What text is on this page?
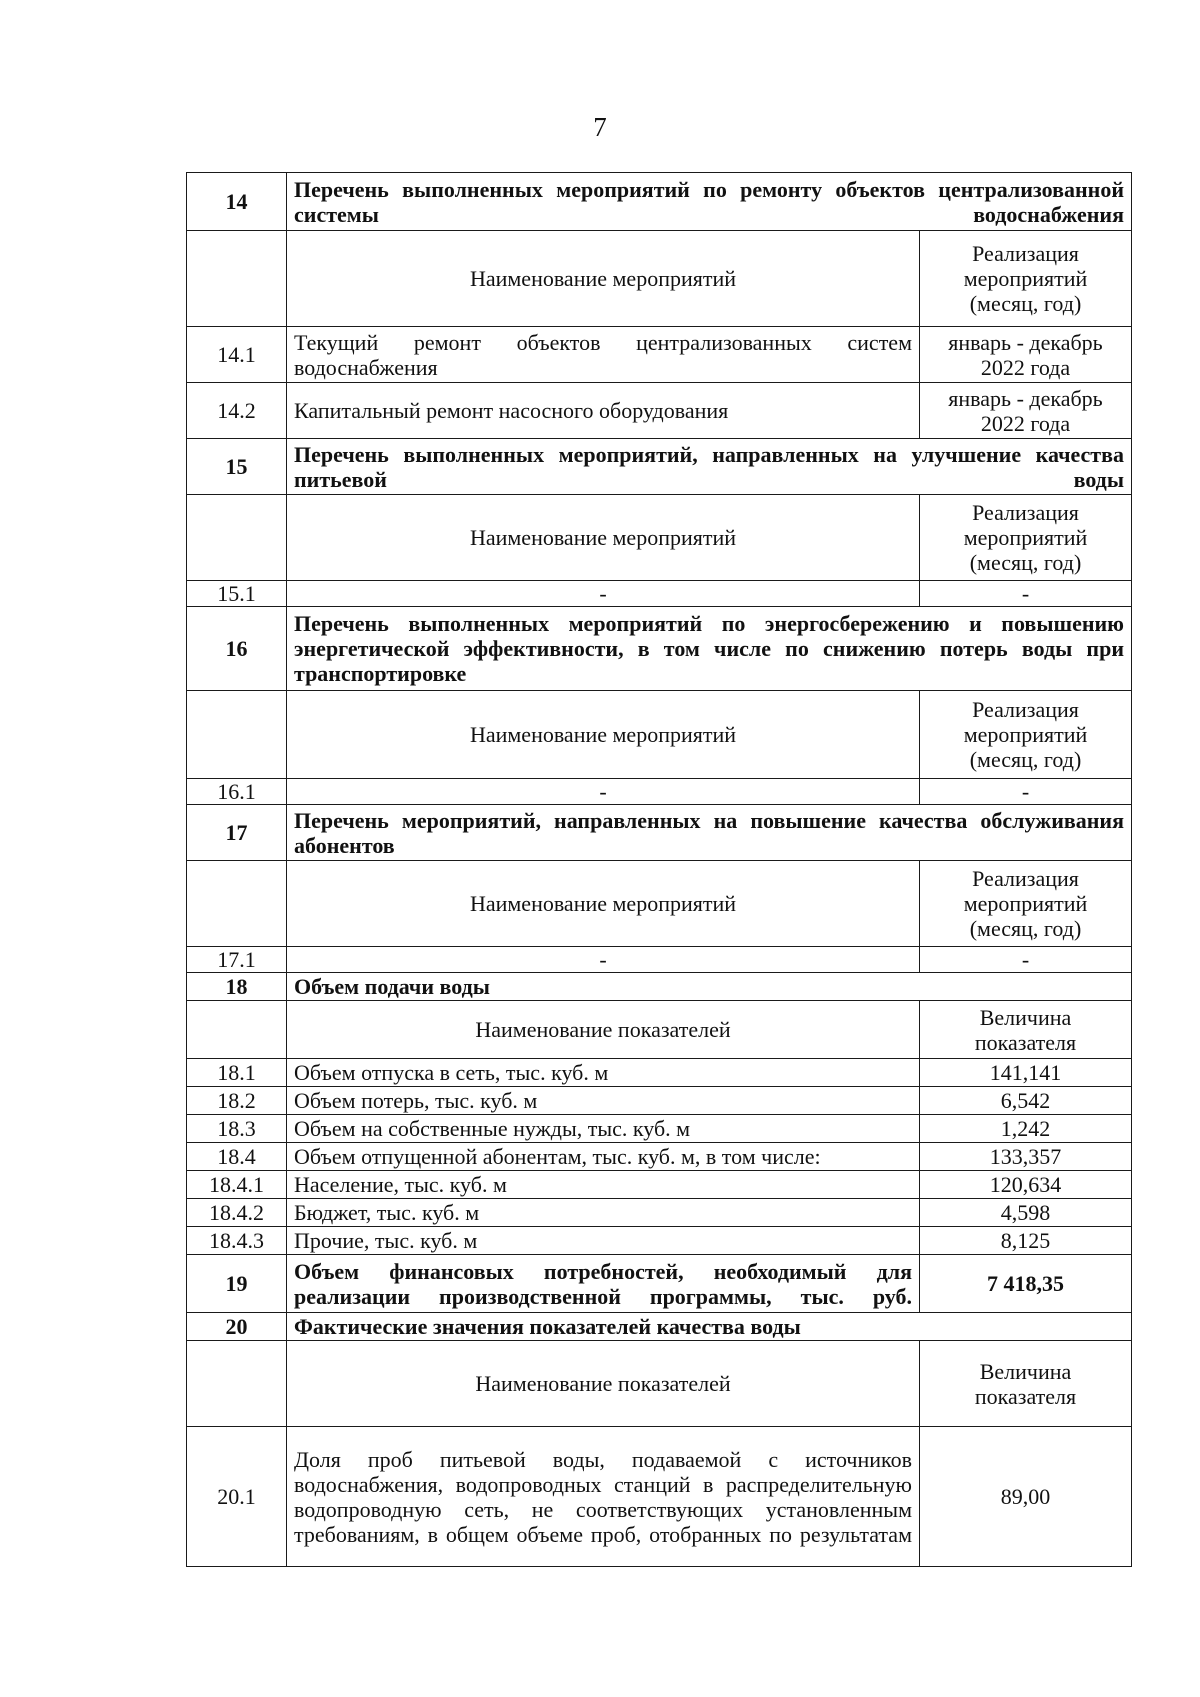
7
14	Перечень выполненных мероприятий по ремонту объектов централизованной системы водоснабжения	
	Наименование мероприятий	Реализация мероприятий (месяц, год)
14.1	Текущий ремонт объектов централизованных систем водоснабжения	январь - декабрь 2022 года
14.2	Капитальный ремонт насосного оборудования	январь - декабрь 2022 года
15	Перечень выполненных мероприятий, направленных на улучшение качества питьевой воды	
	Наименование мероприятий	Реализация мероприятий (месяц, год)
15.1	-	-
16	Перечень выполненных мероприятий по энергосбережению и повышению энергетической эффективности, в том числе по снижению потерь воды при транспортировке	
	Наименование мероприятий	Реализация мероприятий (месяц, год)
16.1	-	-
17	Перечень мероприятий, направленных на повышение качества обслуживания абонентов	
	Наименование мероприятий	Реализация мероприятий (месяц, год)
17.1	-	-
18	Объем подачи воды	
	Наименование показателей	Величина показателя
18.1	Объем отпуска в сеть, тыс. куб. м	141,141
18.2	Объем потерь, тыс. куб. м	6,542
18.3	Объем на собственные нужды, тыс. куб. м	1,242
18.4	Объем отпущенной абонентам, тыс. куб. м, в том числе:	133,357
18.4.1	Население, тыс. куб. м	120,634
18.4.2	Бюджет, тыс. куб. м	4,598
18.4.3	Прочие, тыс. куб. м	8,125
19	Объем финансовых потребностей, необходимый для реализации производственной программы, тыс. руб.	7 418,35
20	Фактические значения показателей качества воды	
	Наименование показателей	Величина показателя
20.1	Доля проб питьевой воды, подаваемой с источников водоснабжения, водопроводных станций в распределительную водопроводную сеть, не соответствующих установленным требованиям, в общем объеме проб, отобранных по результатам	89,00
